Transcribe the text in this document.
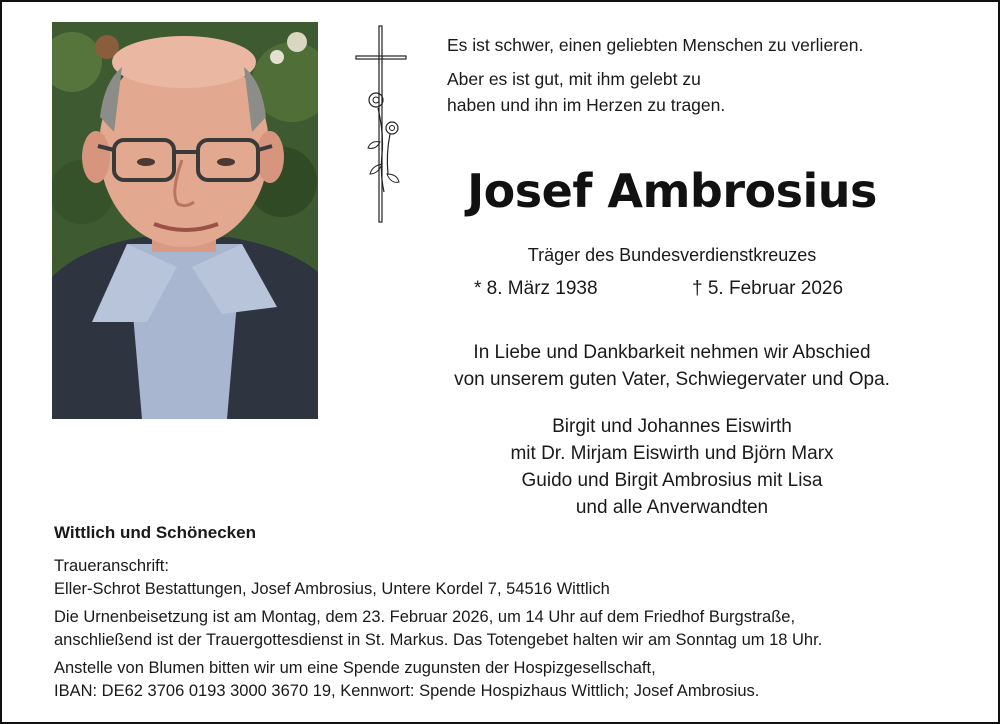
Es ist schwer, einen geliebten Menschen zu verlieren.

Aber es ist gut, mit ihm gelebt zu
haben und ihn im Herzen zu tragen.

Josef Ambrosius
Träger des Bundesverdienstkreuzes
* 8. März 1938	† 5. Februar 2026
In Liebe und Dankbarkeit nehmen wir Abschied
von unserem guten Vater, Schwiegervater und Opa.
Birgit und Johannes Eiswirth
mit Dr. Mirjam Eiswirth und Björn Marx
Guido und Birgit Ambrosius mit Lisa
und alle Anverwandten
Wittlich und Schönecken

Traueranschrift:
Eller-Schrot Bestattungen, Josef Ambrosius, Untere Kordel 7, 54516 Wittlich

Die Urnenbeisetzung ist am Montag, dem 23. Februar 2026, um 14 Uhr auf dem Friedhof Burgstraße,
anschließend ist der Trauergottesdienst in St. Markus. Das Totengebet halten wir am Sonntag um 18 Uhr.

Anstelle von Blumen bitten wir um eine Spende zugunsten der Hospizgesellschaft,
IBAN: DE62 3706 0193 3000 3670 19, Kennwort: Spende Hospizhaus Wittlich; Josef Ambrosius.
